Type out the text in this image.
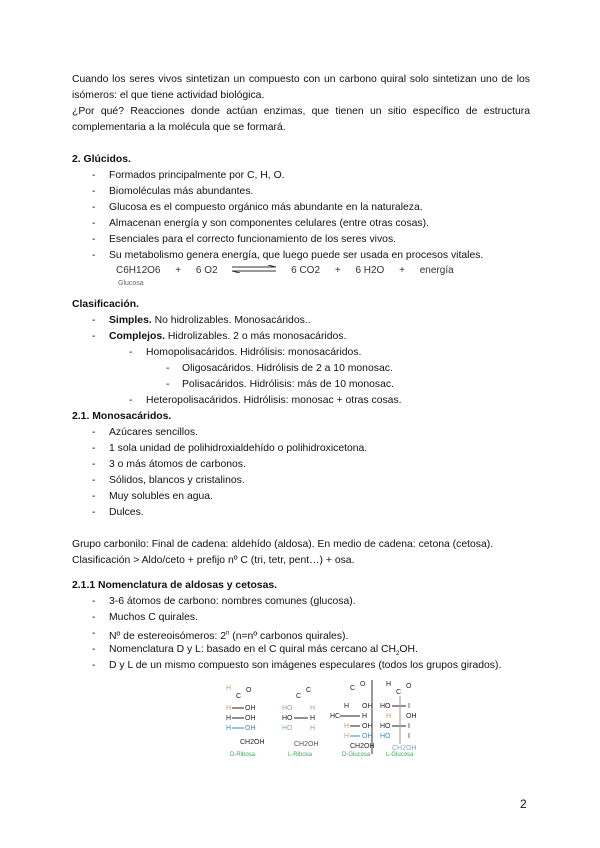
Cuando los seres vivos sintetizan un compuesto con un carbono quiral solo sintetizan uno de los
isómeros: el que tiene actividad biológica.
¿Por qué? Reacciones donde actúan enzimas, que tienen un sitio específico de estructura
complementaria a la molécula que se formará.
2. Glúcidos.
- Formados principalmente por C, H, O.
- Biomoléculas más abundantes.
- Glucosa es el compuesto orgánico más abundante en la naturaleza.
- Almacenan energía y son componentes celulares (entre otras cosas).
- Esenciales para el correcto funcionamiento de los seres vivos.
- Su metabolismo genera energía, que luego puede ser usada en procesos vitales.
C6H12O6 + 6 O2	6 CO2 + 6 H2O + energía
Glucosa
Clasificación.
- Simples. No hidrolizables. Monosacáridos..
- Complejos. Hidrolizables. 2 o más monosacáridos.
- Homopolisacáridos. Hidrólisis: monosacáridos.
- Oligosacáridos. Hidrólisis de 2 a 10 monosac.
- Polisacáridos. Hidrólisis: más de 10 monosac.
- Heteropolisacáridos. Hidrólisis: monosac + otras cosas.
2.1. Monosacáridos.
- Azúcares sencillos.
- 1 sola unidad de polihidroxialdehído o polihidroxicetona.
- 3 o más átomos de carbonos.
- Sólidos, blancos y cristalinos.
- Muy solubles en agua.
- Dulces.
Grupo carbonilo: Final de cadena: aldehído (aldosa). En medio de cadena: cetona (cetosa).
Clasificación > Aldo/ceto + prefijo nº C (tri, tetr, pent…) + osa.
2.1.1 Nomenclatura de aldosas y cetosas.
- 3-6 átomos de carbono: nombres comunes (glucosa).
- Muchos C quirales.
- Nº de estereoisómeros: 2$^n$ (n=nº carbonos quirales).
- Nomenclatura D y L: basado en el C quiral más cercano al $CH_2OH$.
- D y L de un mismo compuesto son imágenes especulares (todos los grupos girados).
H
C
O
H OH
H OH
H OH
C
C
HO	H
HO	H
HO	H
C
O
H OH
HC	H
H OH
H OH
H
C
O
HO	I
H OH
HO	I
HO	I
CH2OH	CH2OH	CH2OH CH2OH
D-Ribosa	L-Ribosa	D-Glucosa	L-Glucosa
2
